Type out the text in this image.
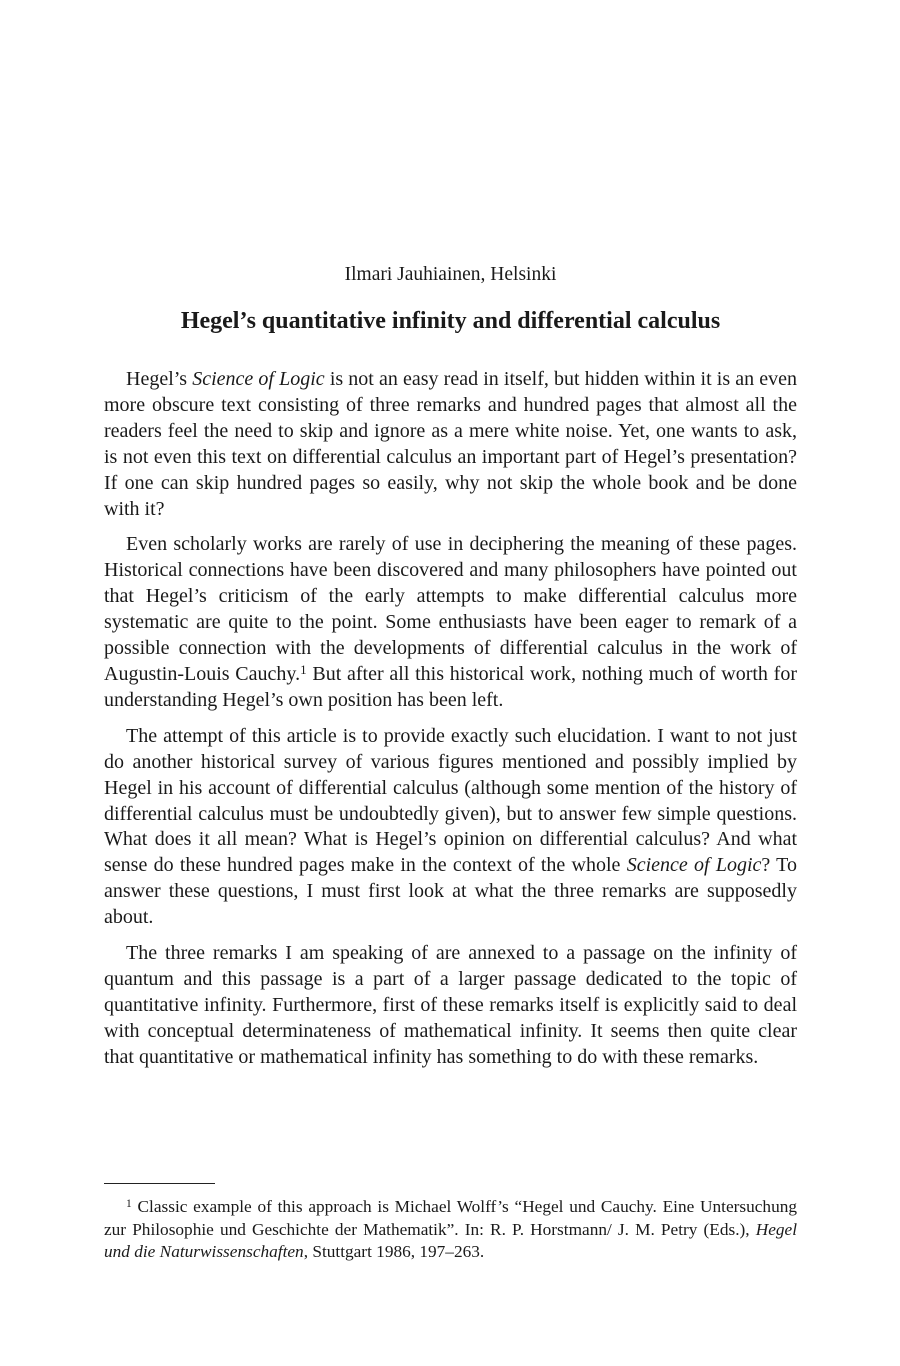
Ilmari Jauhiainen, Helsinki

Hegel’s quantitative infinity and differential calculus

Hegel’s Science of Logic is not an easy read in itself, but hidden within it is an even more obscure text consisting of three remarks and hundred pages that almost all the readers feel the need to skip and ignore as a mere white noise. Yet, one wants to ask, is not even this text on differential calculus an important part of Hegel’s presentation? If one can skip hundred pages so easily, why not skip the whole book and be done with it?

Even scholarly works are rarely of use in deciphering the meaning of these pages. Historical connections have been discovered and many philosophers have pointed out that Hegel’s criticism of the early attempts to make differential calculus more systematic are quite to the point. Some enthusiasts have been eager to remark of a possible connection with the developments of differential calculus in the work of Augustin-Louis Cauchy.$^1$ But after all this historical work, nothing much of worth for understanding Hegel’s own position has been left.

The attempt of this article is to provide exactly such elucidation. I want to not just do another historical survey of various figures mentioned and possibly implied by Hegel in his account of differential calculus (although some mention of the history of differential calculus must be undoubtedly given), but to answer few simple questions. What does it all mean? What is Hegel’s opinion on differential calculus? And what sense do these hundred pages make in the context of the whole Science of Logic? To answer these questions, I must first look at what the three remarks are supposedly about.

The three remarks I am speaking of are annexed to a passage on the infinity of quantum and this passage is a part of a larger passage dedicated to the topic of quantitative infinity. Furthermore, first of these remarks itself is explicitly said to deal with conceptual determinateness of mathematical infinity. It seems then quite clear that quantitative or mathematical infinity has something to do with these remarks.

$^1$ Classic example of this approach is Michael Wolff’s “Hegel und Cauchy. Eine Untersuchung zur Philosophie und Geschichte der Mathematik”. In: R. P. Horstmann/ J. M. Petry (Eds.), Hegel und die Naturwissenschaften, Stuttgart 1986, 197–263.
